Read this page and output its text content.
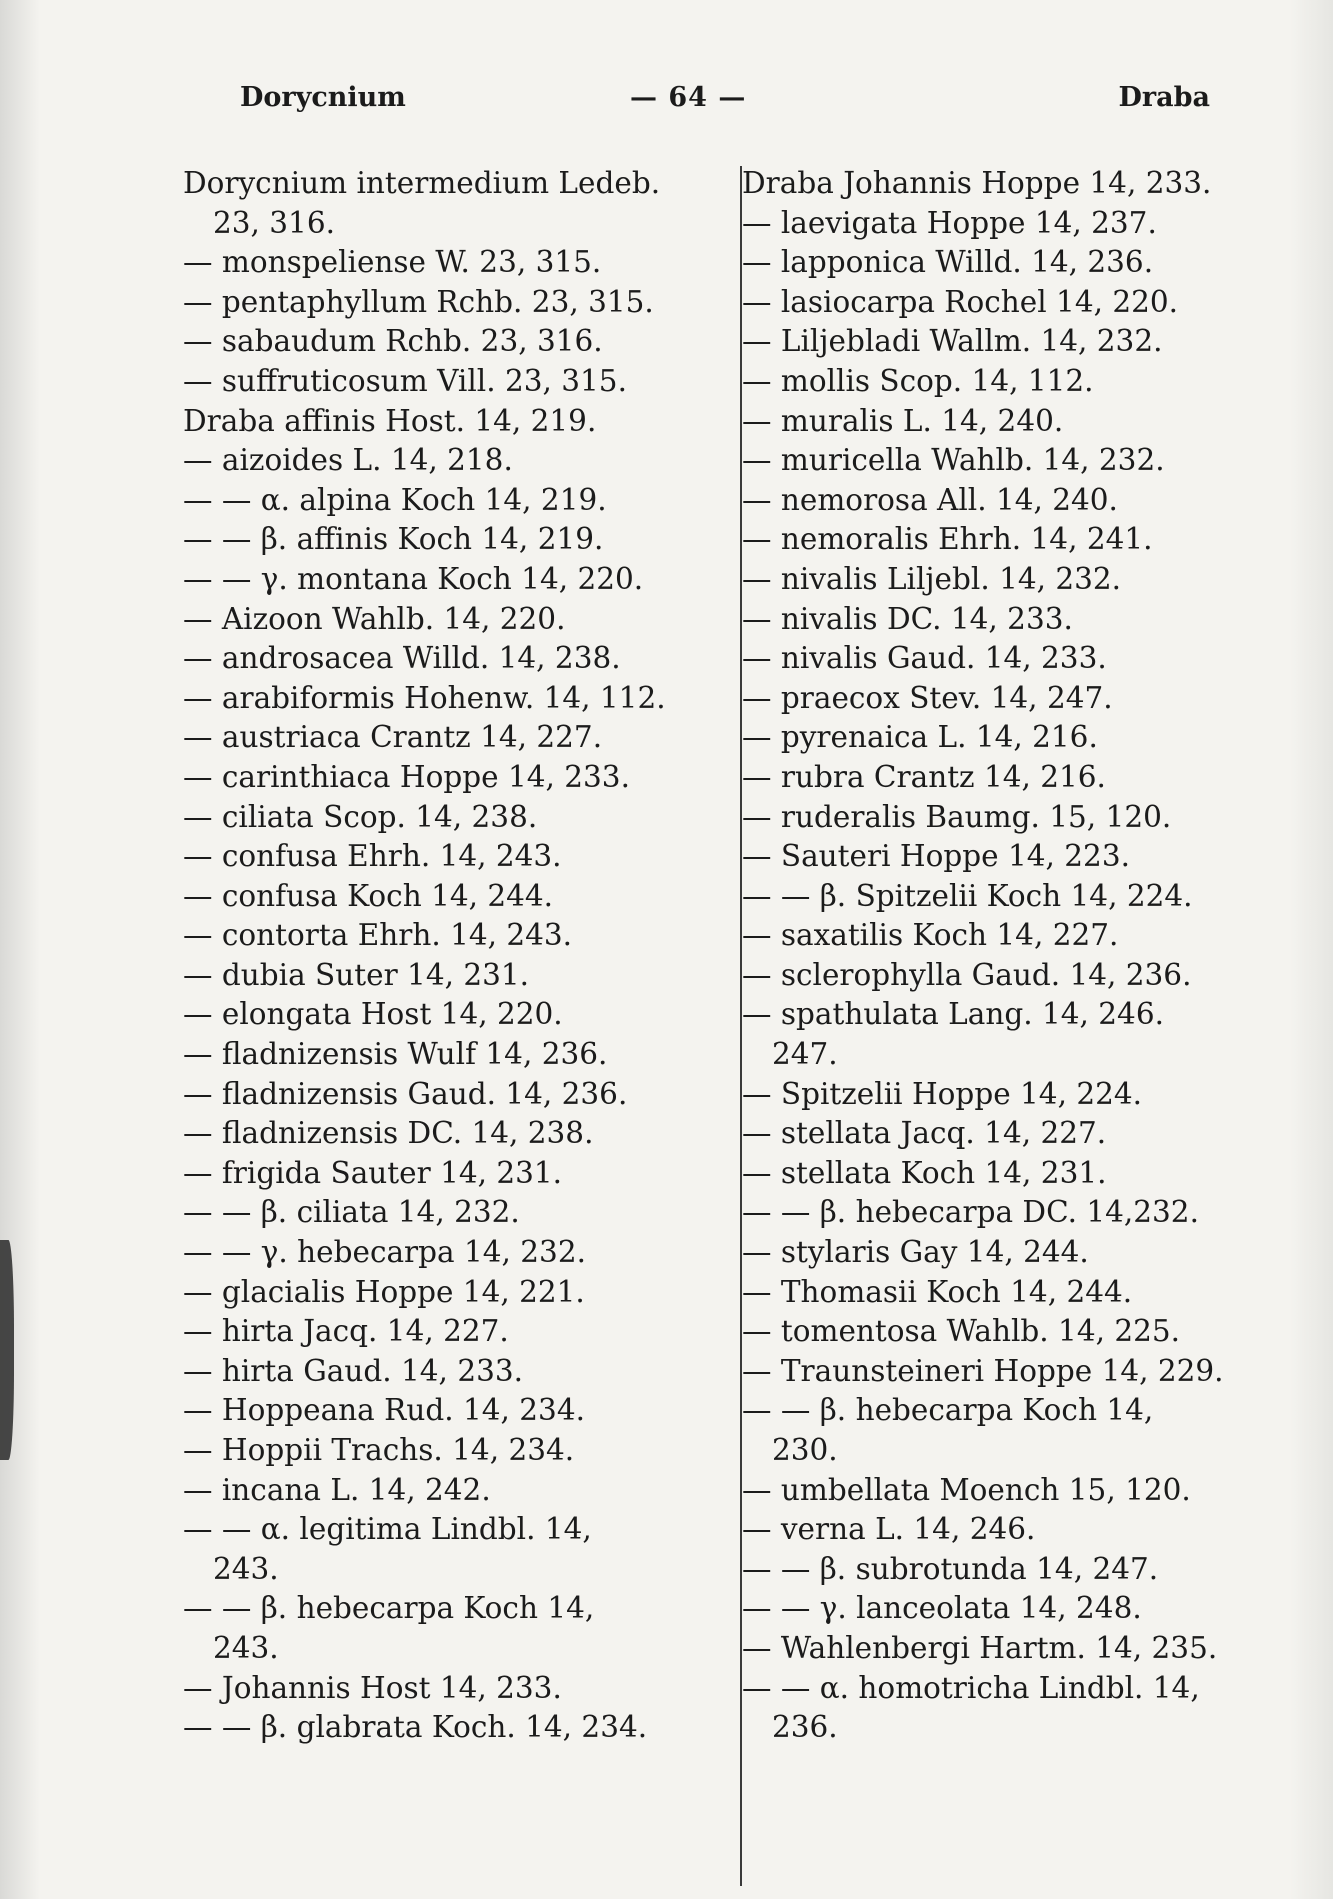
Dorycnium	— 64 —	Draba
Dorycnium intermedium Ledeb.
23, 316.
— monspeliense W. 23, 315.
— pentaphyllum Rchb. 23, 315.
— sabaudum Rchb. 23, 316.
— suffruticosum Vill. 23, 315.
Draba affinis Host. 14, 219.
— aizoides L. 14, 218.
— — α. alpina Koch 14, 219.
— — β. affinis Koch 14, 219.
— — γ. montana Koch 14, 220.
— Aizoon Wahlb. 14, 220.
— androsacea Willd. 14, 238.
— arabiformis Hohenw. 14, 112.
— austriaca Crantz 14, 227.
— carinthiaca Hoppe 14, 233.
— ciliata Scop. 14, 238.
— confusa Ehrh. 14, 243.
— confusa Koch 14, 244.
— contorta Ehrh. 14, 243.
— dubia Suter 14, 231.
— elongata Host 14, 220.
— fladnizensis Wulf 14, 236.
— fladnizensis Gaud. 14, 236.
— fladnizensis DC. 14, 238.
— frigida Sauter 14, 231.
— — β. ciliata 14, 232.
— — γ. hebecarpa 14, 232.
— glacialis Hoppe 14, 221.
— hirta Jacq. 14, 227.
— hirta Gaud. 14, 233.
— Hoppeana Rud. 14, 234.
— Hoppii Trachs. 14, 234.
— incana L. 14, 242.
— — α. legitima Lindbl. 14,
243.
— — β. hebecarpa Koch 14,
243.
— Johannis Host 14, 233.
— — β. glabrata Koch. 14, 234.
Draba Johannis Hoppe 14, 233.
— laevigata Hoppe 14, 237.
— lapponica Willd. 14, 236.
— lasiocarpa Rochel 14, 220.
— Liljebladi Wallm. 14, 232.
— mollis Scop. 14, 112.
— muralis L. 14, 240.
— muricella Wahlb. 14, 232.
— nemorosa All. 14, 240.
— nemoralis Ehrh. 14, 241.
— nivalis Liljebl. 14, 232.
— nivalis DC. 14, 233.
— nivalis Gaud. 14, 233.
— praecox Stev. 14, 247.
— pyrenaica L. 14, 216.
— rubra Crantz 14, 216.
— ruderalis Baumg. 15, 120.
— Sauteri Hoppe 14, 223.
— — β. Spitzelii Koch 14, 224.
— saxatilis Koch 14, 227.
— sclerophylla Gaud. 14, 236.
— spathulata Lang. 14, 246.
247.
— Spitzelii Hoppe 14, 224.
— stellata Jacq. 14, 227.
— stellata Koch 14, 231.
— — β. hebecarpa DC. 14,232.
— stylaris Gay 14, 244.
— Thomasii Koch 14, 244.
— tomentosa Wahlb. 14, 225.
— Traunsteineri Hoppe 14, 229.
— — β. hebecarpa Koch 14,
230.
— umbellata Moench 15, 120.
— verna L. 14, 246.
— — β. subrotunda 14, 247.
— — γ. lanceolata 14, 248.
— Wahlenbergi Hartm. 14, 235.
— — α. homotricha Lindbl. 14,
236.
